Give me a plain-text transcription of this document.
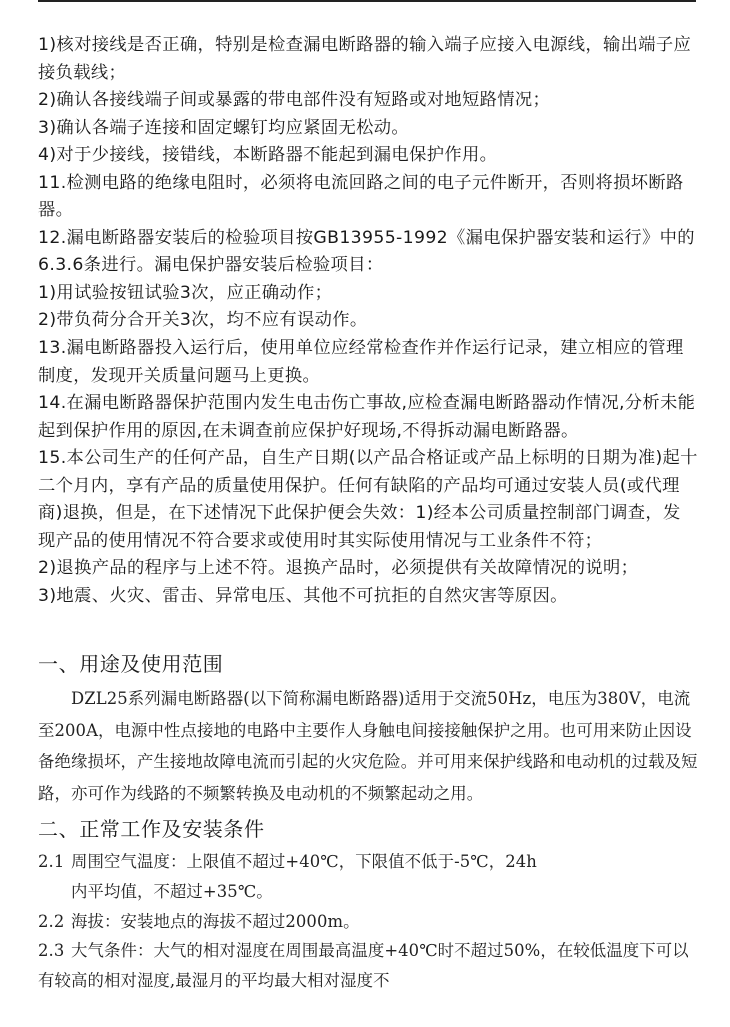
1)核对接线是否正确，特别是检查漏电断路器的输入端子应接入电源线，输出端子应接负载线；

2)确认各接线端子间或暴露的带电部件没有短路或对地短路情况；

3)确认各端子连接和固定螺钉均应紧固无松动。

4)对于少接线，接错线，本断路器不能起到漏电保护作用。

11.检测电路的绝缘电阻时，必须将电流回路之间的电子元件断开，否则将损坏断路器。

12.漏电断路器安装后的检验项目按GB13955-1992《漏电保护器安装和运行》中的6.3.6条进行。漏电保护器安装后检验项目：

1)用试验按钮试验3次，应正确动作；

2)带负荷分合开关3次，均不应有误动作。

13.漏电断路器投入运行后，使用单位应经常检查作并作运行记录，建立相应的管理制度，发现开关质量问题马上更换。

14.在漏电断路器保护范围内发生电击伤亡事故,应检查漏电断路器动作情况,分析未能起到保护作用的原因,在未调查前应保护好现场,不得拆动漏电断路器。

15.本公司生产的任何产品，自生产日期(以产品合格证或产品上标明的日期为准)起十二个月内，享有产品的质量使用保护。任何有缺陷的产品均可通过安装人员(或代理商)退换，但是，在下述情况下此保护便会失效：1)经本公司质量控制部门调查，发现产品的使用情况不符合要求或使用时其实际使用情况与工业条件不符；

2)退换产品的程序与上述不符。退换产品时，必须提供有关故障情况的说明；

3)地震、火灾、雷击、异常电压、其他不可抗拒的自然灾害等原因。

一、用途及使用范围

DZL25系列漏电断路器(以下简称漏电断路器)适用于交流50Hz，电压为380V，电流至200A，电源中性点接地的电路中主要作人身触电间接接触保护之用。也可用来防止因设备绝缘损坏，产生接地故障电流而引起的火灾危险。并可用来保护线路和电动机的过载及短路，亦可作为线路的不频繁转换及电动机的不频繁起动之用。

二、正常工作及安装条件

2.1 周围空气温度：上限值不超过+40℃，下限值不低于-5℃，24h

内平均值，不超过+35℃。

2.2 海拔：安装地点的海拔不超过2000m。

2.3 大气条件：大气的相对湿度在周围最高温度+40℃时不超过50%，在较低温度下可以有较高的相对湿度,最湿月的平均最大相对湿度不
